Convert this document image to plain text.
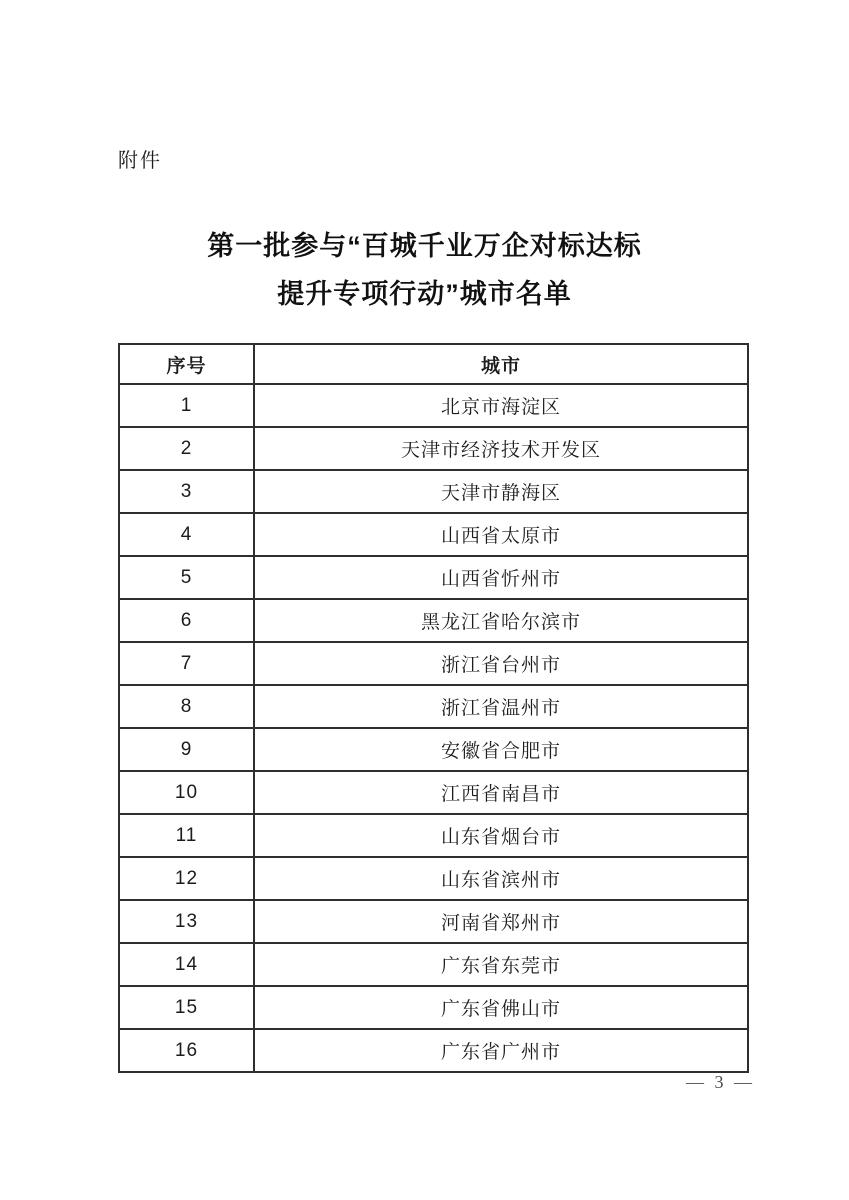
附件
第一批参与“百城千业万企对标达标
提升专项行动”城市名单
序号	城市
1	北京市海淀区
2	天津市经济技术开发区
3	天津市静海区
4	山西省太原市
5	山西省忻州市
6	黑龙江省哈尔滨市
7	浙江省台州市
8	浙江省温州市
9	安徽省合肥市
10	江西省南昌市
11	山东省烟台市
12	山东省滨州市
13	河南省郑州市
14	广东省东莞市
15	广东省佛山市
16	广东省广州市
— 3 —
